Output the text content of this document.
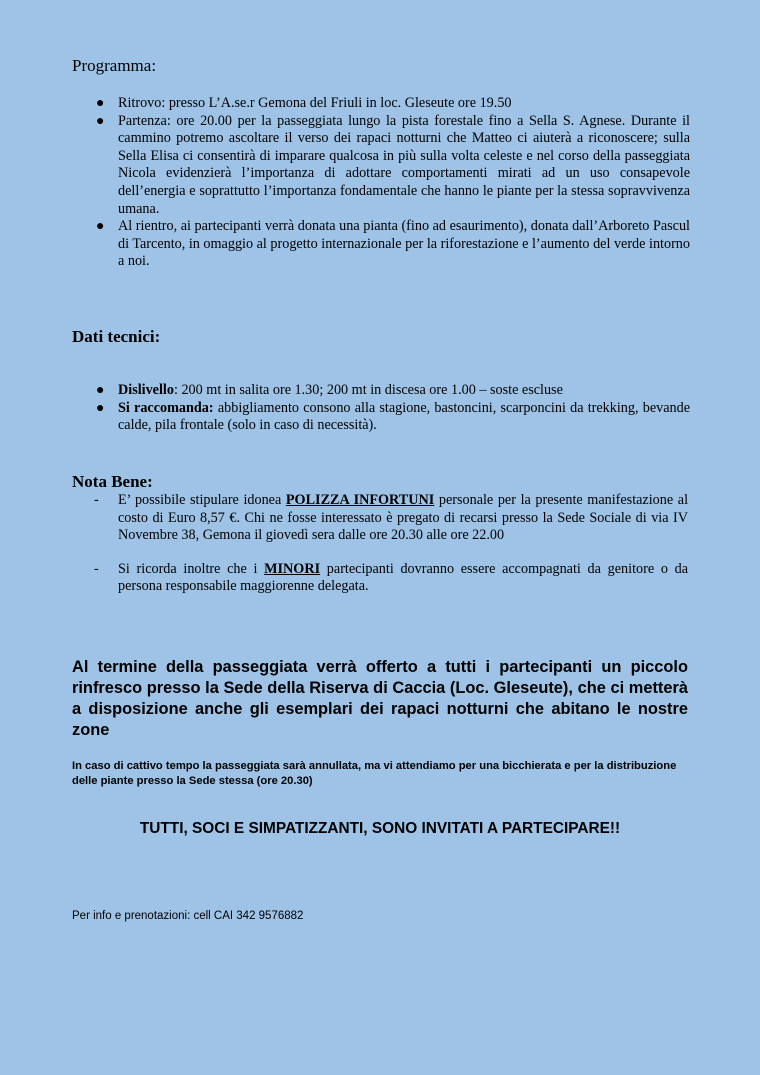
Programma:
● Ritrovo: presso L’A.se.r Gemona del Friuli in loc. Gleseute ore 19.50
● Partenza: ore 20.00 per la passeggiata lungo la pista forestale fino a Sella S. Agnese. Durante il cammino potremo ascoltare il verso dei rapaci notturni che Matteo ci aiuterà a riconoscere; sulla Sella Elisa ci consentirà di imparare qualcosa in più sulla volta celeste e nel corso della passeggiata Nicola evidenzierà l’importanza di adottare comportamenti mirati ad un uso consapevole dell’energia e soprattutto l’importanza fondamentale che hanno le piante per la stessa sopravvivenza umana.
● Al rientro, ai partecipanti verrà donata una pianta (fino ad esaurimento), donata dall’Arboreto Pascul di Tarcento, in omaggio al progetto internazionale per la riforestazione e l’aumento del verde intorno a noi.
Dati tecnici:
● Dislivello: 200 mt in salita ore 1.30; 200 mt in discesa ore 1.00 – soste escluse
● Si raccomanda: abbigliamento consono alla stagione, bastoncini, scarponcini da trekking, bevande calde, pila frontale (solo in caso di necessità).
Nota Bene:
- E’ possibile stipulare idonea POLIZZA INFORTUNI personale per la presente manifestazione al costo di Euro 8,57 €. Chi ne fosse interessato è pregato di recarsi presso la Sede Sociale di via IV Novembre 38, Gemona il giovedì sera dalle ore 20.30 alle ore 22.00
- Si ricorda inoltre che i MINORI partecipanti dovranno essere accompagnati da genitore o da persona responsabile maggiorenne delegata.
Al termine della passeggiata verrà offerto a tutti i partecipanti un piccolo rinfresco presso la Sede della Riserva di Caccia (Loc. Gleseute), che ci metterà a disposizione anche gli esemplari dei rapaci notturni che abitano le nostre zone
In caso di cattivo tempo la passeggiata sarà annullata, ma vi attendiamo per una bicchierata e per la distribuzione delle piante presso la Sede stessa (ore 20.30)
TUTTI, SOCI E SIMPATIZZANTI, SONO INVITATI A PARTECIPARE!!
Per info e prenotazioni: cell CAI 342 9576882
